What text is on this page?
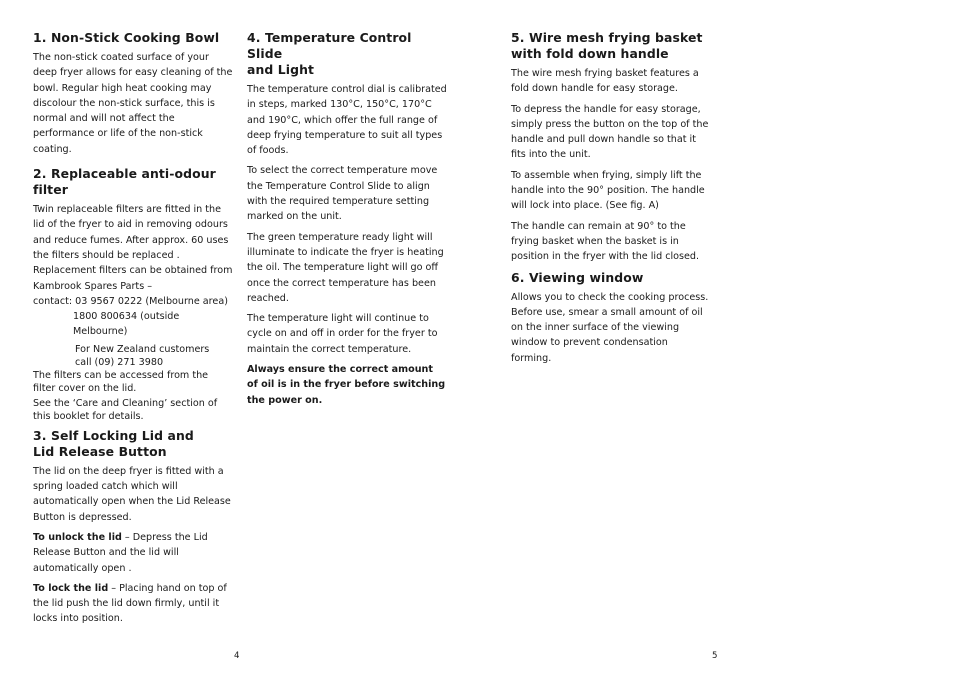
1. Non-Stick Cooking Bowl

The non-stick coated surface of your deep fryer allows for easy cleaning of the bowl. Regular high heat cooking may discolour the non-stick surface, this is normal and will not affect the performance or life of the non-stick coating.

2. Replaceable anti-odour filter

Twin replaceable filters are fitted in the lid of the fryer to aid in removing odours and reduce fumes. After approx. 60 uses the filters should be replaced .

Replacement filters can be obtained from Kambrook Spares Parts –

contact: 03 9567 0222 (Melbourne area)

1800 800634 (outside Melbourne)

For New Zealand customers

call (09) 271 3980

The filters can be accessed from the filter cover on the lid.

See the ‘Care and Cleaning’ section of this booklet for details.

3. Self Locking Lid and
Lid Release Button

The lid on the deep fryer is fitted with a spring loaded catch which will automatically open when the Lid Release Button is depressed.

To unlock the lid – Depress the Lid Release Button and the lid will automatically open .

To lock the lid – Placing hand on top of the lid push the lid down firmly, until it locks into position.

4. Temperature Control Slide
and Light

The temperature control dial is calibrated in steps, marked 130°C, 150°C, 170°C and 190°C, which offer the full range of deep frying temperature to suit all types of foods.

To select the correct temperature move the Temperature Control Slide to align with the required temperature setting marked on the unit.

The green temperature ready light will illuminate to indicate the fryer is heating the oil. The temperature light will go off once the correct temperature has been reached.

The temperature light will continue to cycle on and off in order for the fryer to maintain the correct temperature.

Always ensure the correct amount of oil is in the fryer before switching the power on.

5. Wire mesh frying basket
with fold down handle

The wire mesh frying basket features a fold down handle for easy storage.

To depress the handle for easy storage, simply press the button on the top of the handle and pull down handle so that it fits into the unit.

To assemble when frying, simply lift the handle into the 90° position. The handle will lock into place. (See fig. A)

The handle can remain at 90° to the frying basket when the basket is in position in the fryer with the lid closed.

6. Viewing window

Allows you to check the cooking process. Before use, smear a small amount of oil on the inner surface of the viewing window to prevent condensation forming.

4	5
